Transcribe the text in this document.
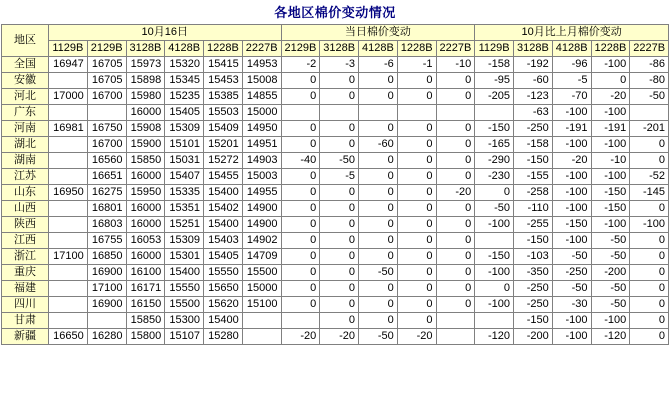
各地区棉价变动情况
地区	10月16日						当日棉价变动					10月比上月棉价变动				
	1129B	2129B	3128B	4128B	1228B	2227B	2129B	3128B	4128B	1228B	2227B	1129B	3128B	4128B	1228B	2227B
全国	16947	16705	15973	15320	15415	14953	-2	-3	-6	-1	-10	-158	-192	-96	-100	-86
安徽		16705	15898	15345	15453	15008	0	0	0	0	0	-95	-60	-5	0	-80
河北	17000	16700	15980	15235	15385	14855	0	0	0	0	0	-205	-123	-70	-20	-50
广东			16000	15405	15503	15000							-63	-100	-100	
河南	16981	16750	15908	15309	15409	14950	0	0	0	0	0	-150	-250	-191	-191	-201
湖北		16700	15900	15101	15201	14951	0	0	-60	0	0	-165	-158	-100	-100	0
湖南		16560	15850	15031	15272	14903	-40	-50	0	0	0	-290	-150	-20	-10	0
江苏		16651	16000	15407	15455	15003	0	-5	0	0	0	-230	-155	-100	-100	-52
山东	16950	16275	15950	15335	15400	14955	0	0	0	0	-20	0	-258	-100	-150	-145
山西		16801	16000	15351	15402	14900	0	0	0	0	0	-50	-110	-100	-150	0
陕西		16803	16000	15251	15400	14900	0	0	0	0	0	-100	-255	-150	-100	-100
江西		16755	16053	15309	15403	14902	0	0	0	0	0		-150	-100	-50	0
浙江	17100	16850	16000	15301	15405	14709	0	0	0	0	0	-150	-103	-50	-50	0
重庆		16900	16100	15400	15550	15500	0	0	-50	0	0	-100	-350	-250	-200	0
福建		17100	16171	15550	15650	15000	0	0	0	0	0	0	-250	-50	-50	0
四川		16900	16150	15500	15620	15100	0	0	0	0	0	-100	-250	-30	-50	0
甘肃			15850	15300	15400			0	0	0			-150	-100	-100	0
新疆	16650	16280	15800	15107	15280		-20	-20	-50	-20		-120	-200	-100	-120	0
